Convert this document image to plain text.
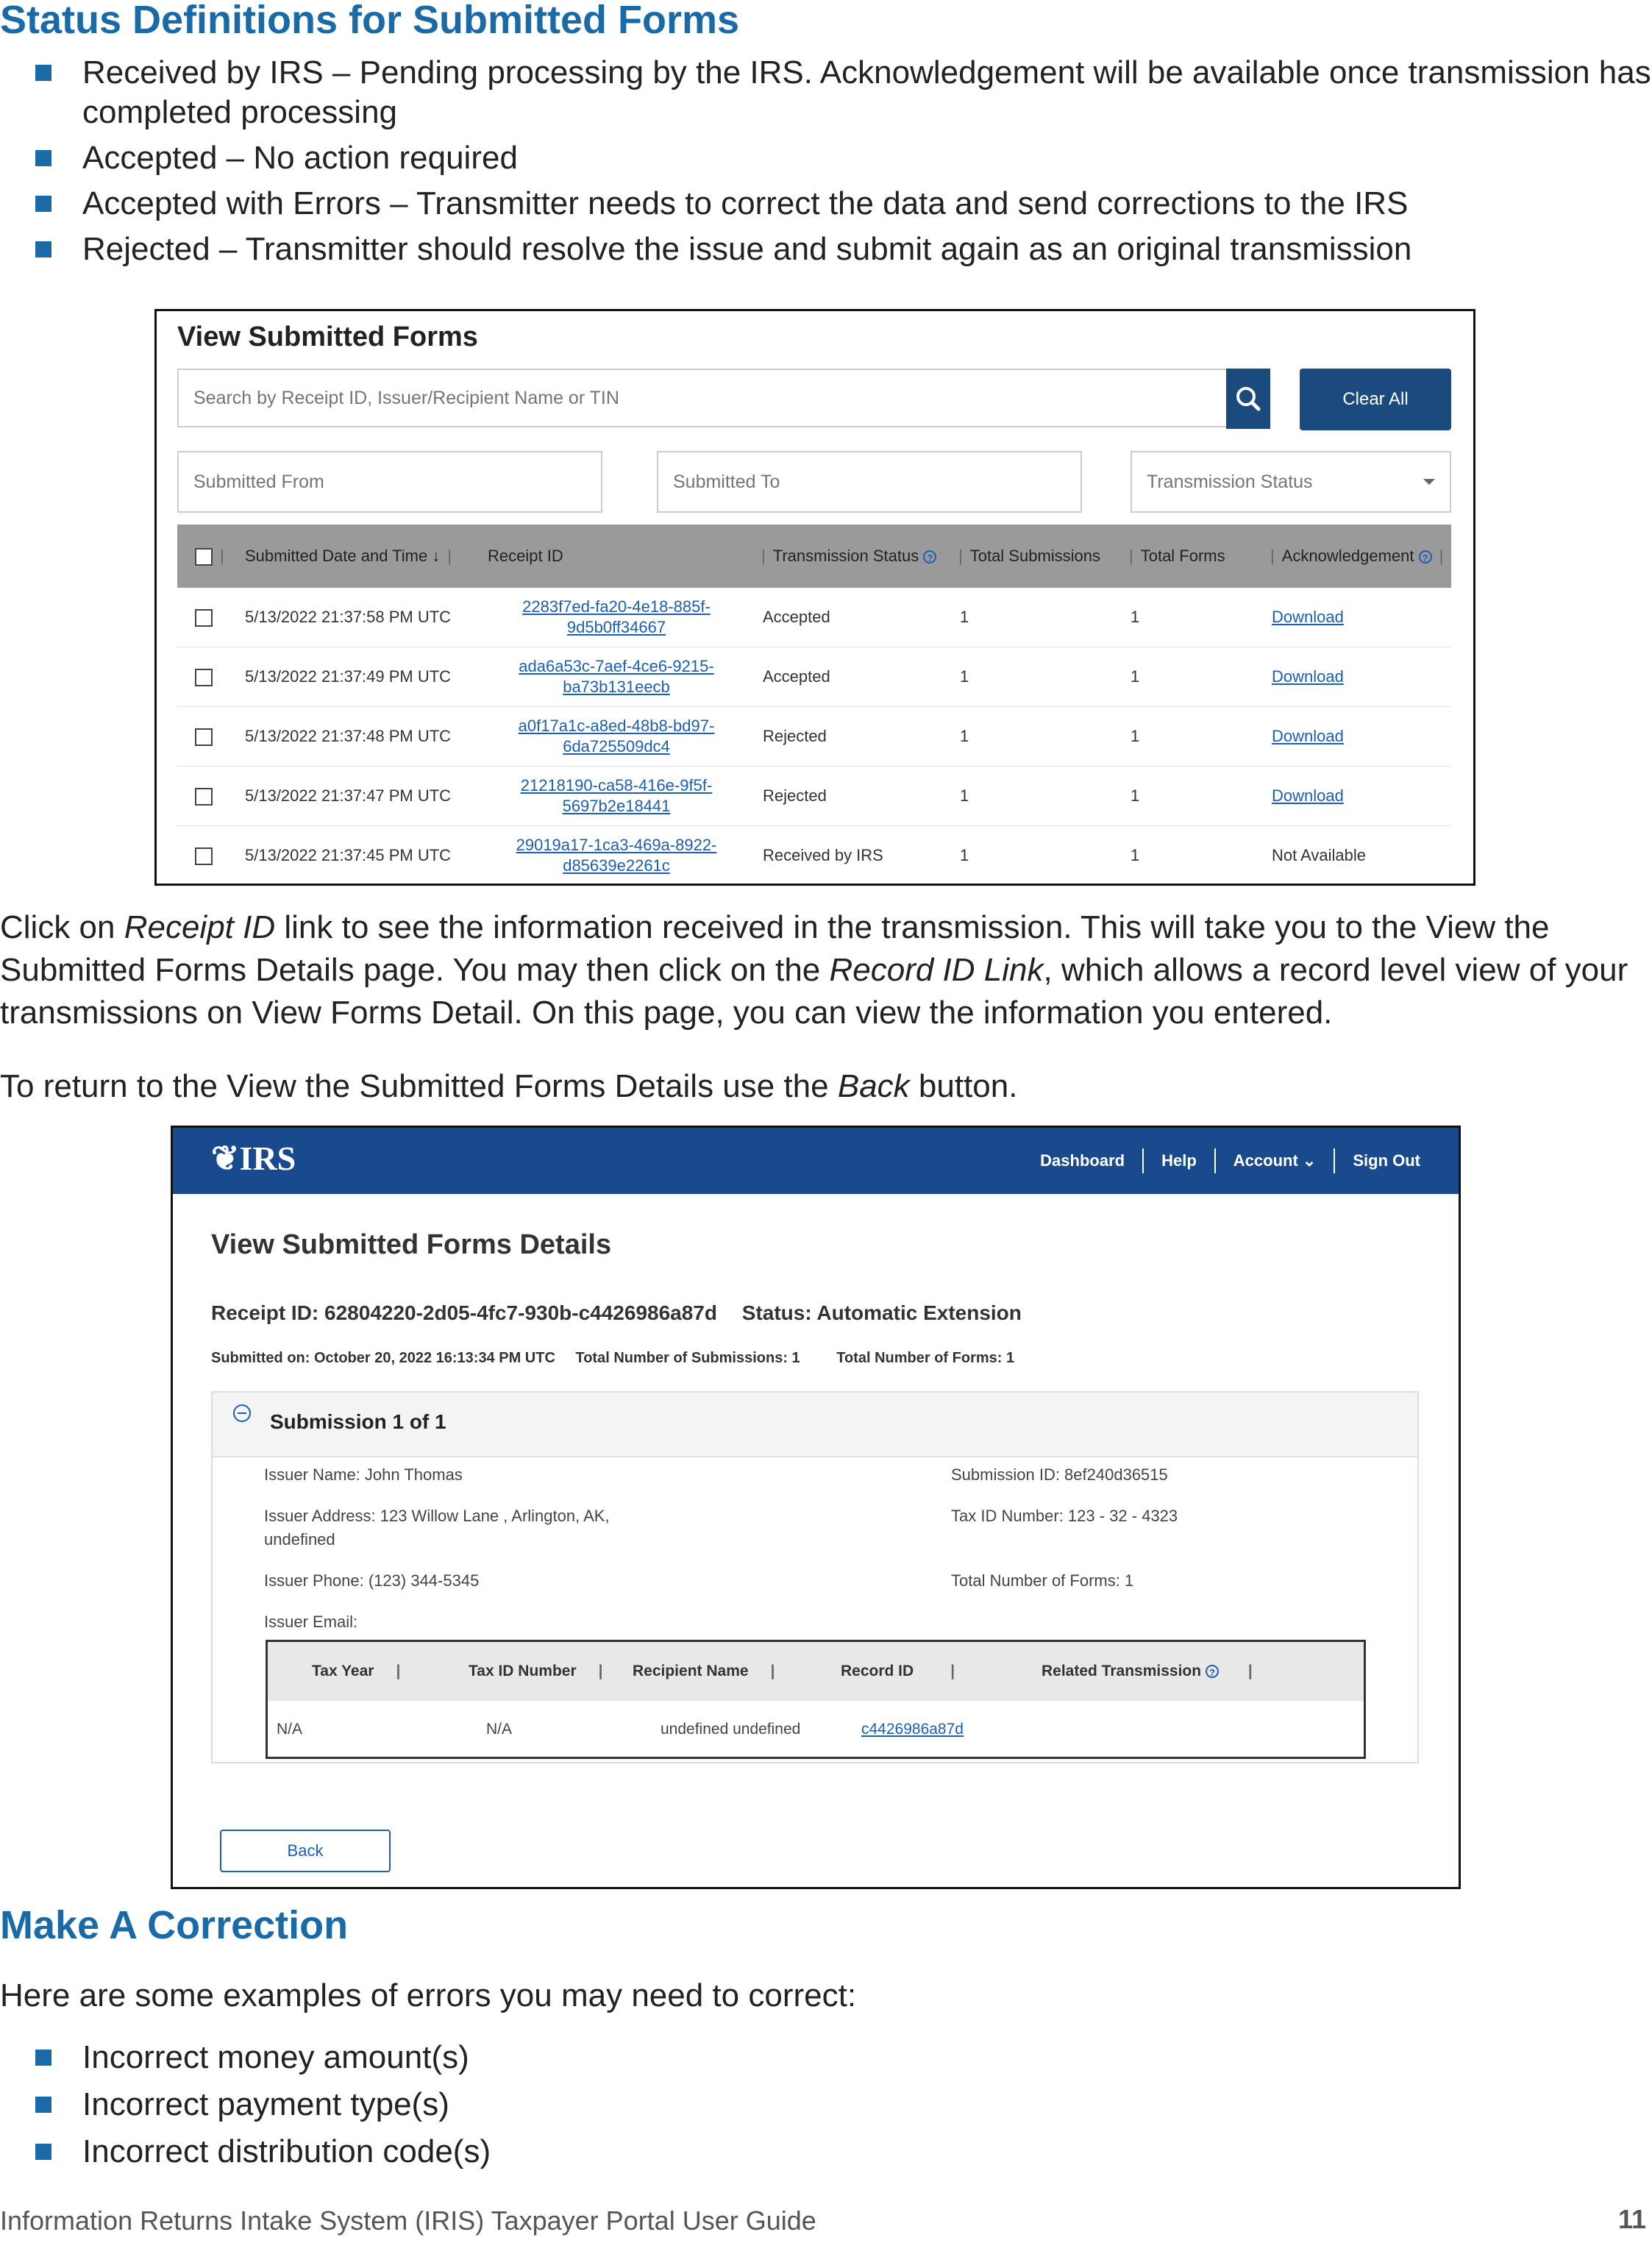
Status Definitions for Submitted Forms
Received by IRS – Pending processing by the IRS. Acknowledgement will be available once transmission has completed processing
Accepted – No action required
Accepted with Errors – Transmitter needs to correct the data and send corrections to the IRS
Rejected – Transmitter should resolve the issue and submit again as an original transmission
View Submitted Forms
Search by Receipt ID, Issuer/Recipient Name or TIN
Clear All
Submitted From
Submitted To
Transmission Status
|	Submitted Date and Time ↓ |	Receipt ID	| Transmission Status ?	| Total Submissions	| Total Forms	| Acknowledgement ? |
	5/13/2022 21:37:58 PM UTC	2283f7ed-fa20-4e18-885f-
9d5b0ff34667	Accepted	1	1	Download
	5/13/2022 21:37:49 PM UTC	ada6a53c-7aef-4ce6-9215-
ba73b131eecb	Accepted	1	1	Download
	5/13/2022 21:37:48 PM UTC	a0f17a1c-a8ed-48b8-bd97-
6da725509dc4	Rejected	1	1	Download
	5/13/2022 21:37:47 PM UTC	21218190-ca58-416e-9f5f-
5697b2e18441	Rejected	1	1	Download
	5/13/2022 21:37:45 PM UTC	29019a17-1ca3-469a-8922-
d85639e2261c	Received by IRS	1	1	Not Available

Click on Receipt ID link to see the information received in the transmission. This will take you to the View the Submitted Forms Details page. You may then click on the Record ID Link, which allows a record level view of your transmissions on View Forms Detail. On this page, you can view the information you entered.

To return to the View the Submitted Forms Details use the Back button.

❦IRS	Dashboard Help Account ⌄ Sign Out
View Submitted Forms Details
Receipt ID: 62804220-2d05-4fc7-930b-c4426986a87d Status: Automatic Extension
Submitted on: October 20, 2022 16:13:34 PM UTC Total Number of Submissions: 1 Total Number of Forms: 1
Submission 1 of 1
Issuer Name: John Thomas
Issuer Address: 123 Willow Lane , Arlington, AK,
undefined
Issuer Phone: (123) 344-5345
Issuer Email:
Submission ID: 8ef240d36515
Tax ID Number: 123 - 32 - 4323
Total Number of Forms: 1
Tax Year |	Tax ID Number |	Recipient Name |	Record ID |	Related Transmission ? |
N/A	N/A	undefined undefined	c4426986a87d	
Back
Make A Correction

Here are some examples of errors you may need to correct:

Incorrect money amount(s)
Incorrect payment type(s)
Incorrect distribution code(s)
Information Returns Intake System (IRIS) Taxpayer Portal User Guide	11
